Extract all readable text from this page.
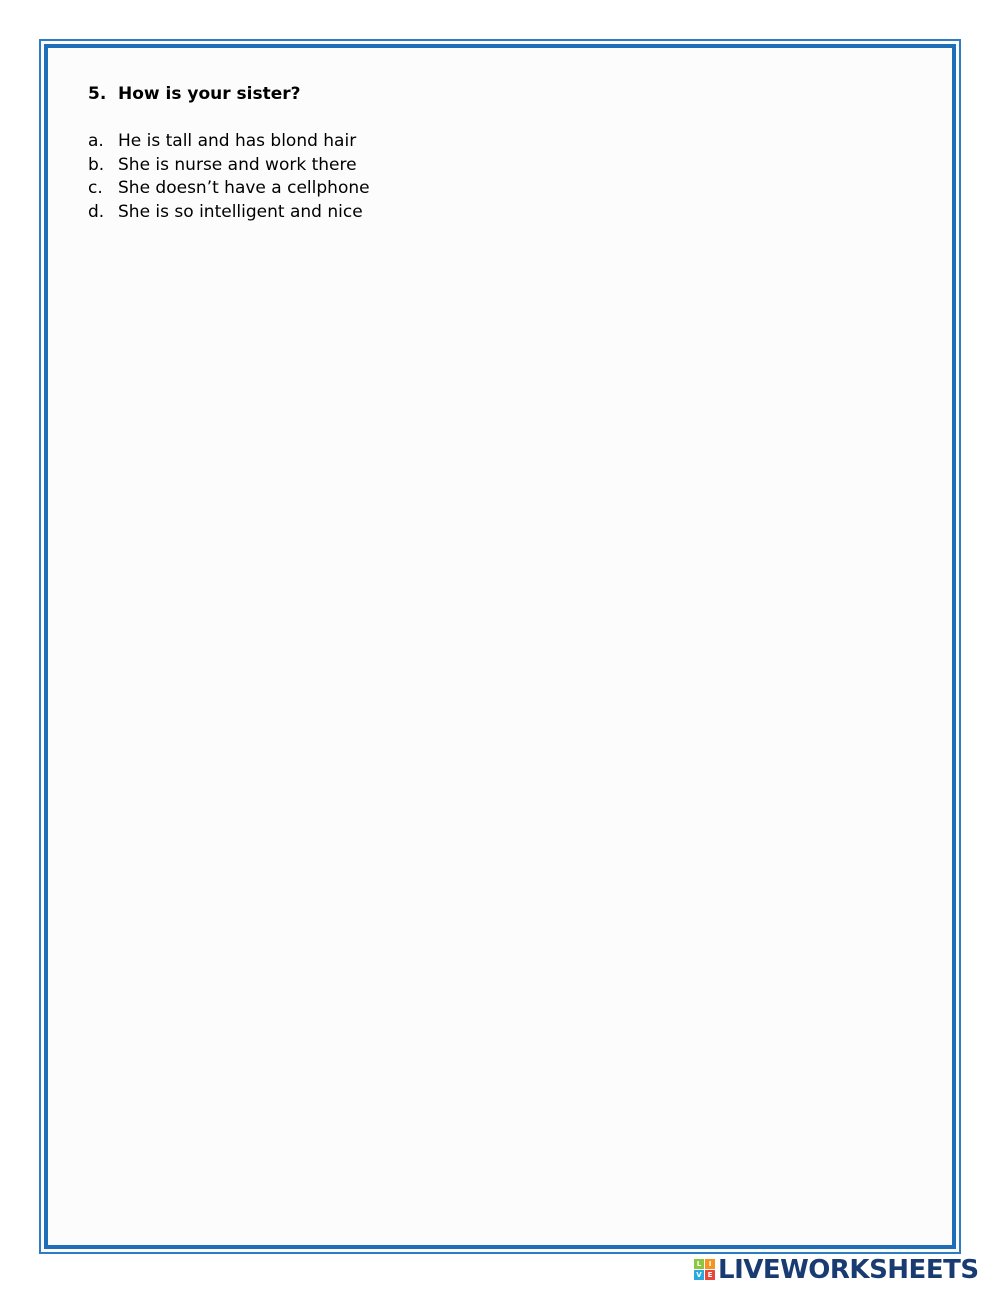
5. How is your sister?
a. He is tall and has blond hair
b. She is nurse and work there
c. She doesn’t have a cellphone
d. She is so intelligent and nice
L	I
V E LIVEWORKSHEETS
